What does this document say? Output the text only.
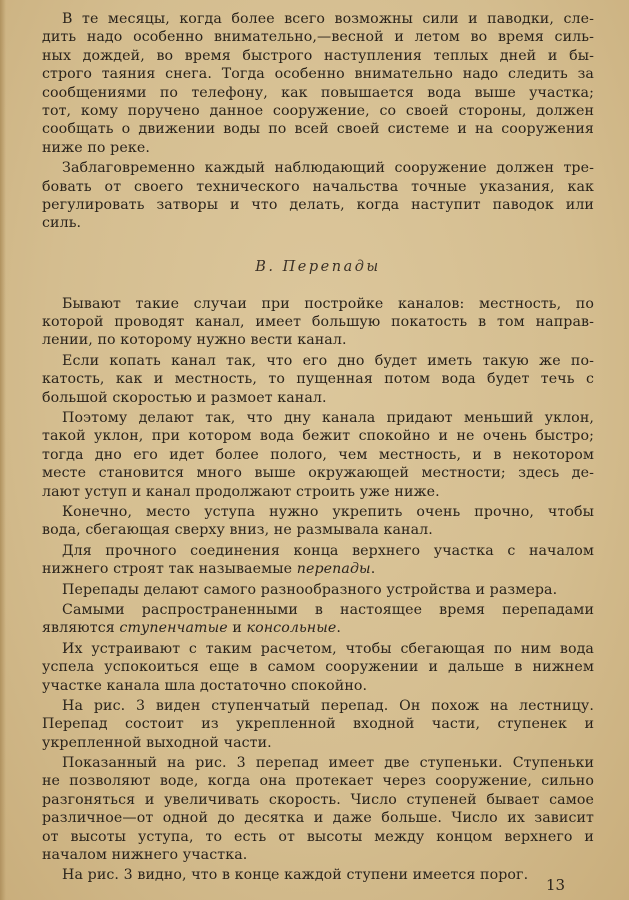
В те месяцы, когда более всего возможны сили и паводки, сле-
дить надо особенно внимательно,—весной и летом во время силь-
ных дождей, во время быстрого наступления теплых дней и бы-
строго таяния снега. Тогда особенно внимательно надо следить за
сообщениями по телефону, как повышается вода выше участка;
тот, кому поручено данное сооружение, со своей стороны, должен
сообщать о движении воды по всей своей системе и на сооружения
ниже по реке.
Заблаговременно каждый наблюдающий сооружение должен тре-
бовать от своего технического начальства точные указания, как
регулировать затворы и что делать, когда наступит паводок или
силь.
В. Перепады
Бывают такие случаи при постройке каналов: местность, по
которой проводят канал, имеет большую покатость в том направ-
лении, по которому нужно вести канал.
Если копать канал так, что его дно будет иметь такую же по-
катость, как и местность, то пущенная потом вода будет течь с
большой скоростью и размоет канал.
Поэтому делают так, что дну канала придают меньший уклон,
такой уклон, при котором вода бежит спокойно и не очень быстро;
тогда дно его идет более полого, чем местность, и в некотором
месте становится много выше окружающей местности; здесь де-
лают уступ и канал продолжают строить уже ниже.
Конечно, место уступа нужно укрепить очень прочно, чтобы
вода, сбегающая сверху вниз, не размывала канал.
Для прочного соединения конца верхнего участка с началом
нижнего строят так называемые перепады.
Перепады делают самого разнообразного устройства и размера.
Самыми распространенными в настоящее время перепадами
являются ступенчатые и консольные.
Их устраивают с таким расчетом, чтобы сбегающая по ним вода
успела успокоиться еще в самом сооружении и дальше в нижнем
участке канала шла достаточно спокойно.
На рис. 3 виден ступенчатый перепад. Он похож на лестницу.
Перепад состоит из укрепленной входной части, ступенек и
укрепленной выходной части.
Показанный на рис. 3 перепад имеет две ступеньки. Ступеньки
не позволяют воде, когда она протекает через сооружение, сильно
разгоняться и увеличивать скорость. Число ступеней бывает самое
различное—от одной до десятка и даже больше. Число их зависит
от высоты уступа, то есть от высоты между концом верхнего и
началом нижнего участка.
На рис. 3 видно, что в конце каждой ступени имеется порог.
13
